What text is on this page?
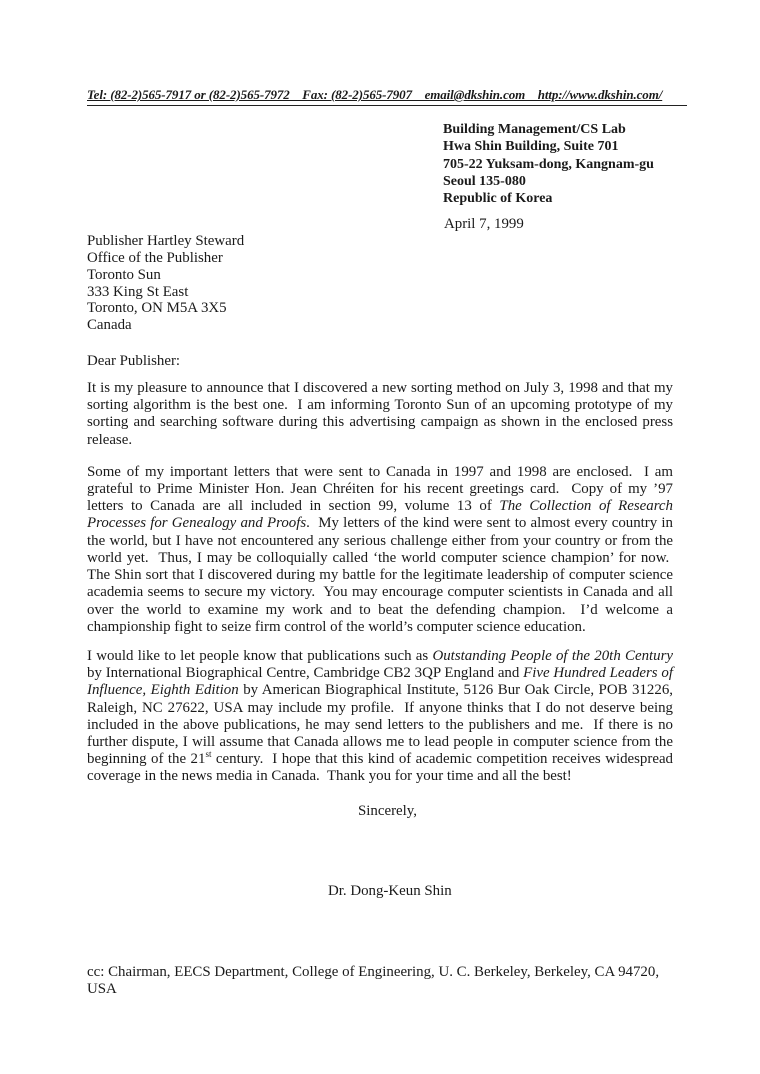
Tel: (82-2)565-7917 or (82-2)565-7972    Fax: (82-2)565-7907    email@dkshin.com    http://www.dkshin.com/
Building Management/CS Lab
Hwa Shin Building, Suite 701
705-22 Yuksam-dong, Kangnam-gu
Seoul 135-080
Republic of Korea
April 7, 1999
Publisher Hartley Steward
Office of the Publisher
Toronto Sun
333 King St East
Toronto, ON M5A 3X5
Canada
Dear Publisher:

It is my pleasure to announce that I discovered a new sorting method on July 3, 1998 and that my sorting algorithm is the best one.  I am informing Toronto Sun of an upcoming prototype of my sorting and searching software during this advertising campaign as shown in the enclosed press release.

Some of my important letters that were sent to Canada in 1997 and 1998 are enclosed.  I am grateful to Prime Minister Hon. Jean Chréiten for his recent greetings card.  Copy of my ’97 letters to Canada are all included in section 99, volume 13 of The Collection of Research Processes for Genealogy and Proofs.  My letters of the kind were sent to almost every country in the world, but I have not encountered any serious challenge either from your country or from the world yet.  Thus, I may be colloquially called ‘the world computer science champion’ for now.  The Shin sort that I discovered during my battle for the legitimate leadership of computer science academia seems to secure my victory.  You may encourage computer scientists in Canada and all over the world to examine my work and to beat the defending champion.  I’d welcome a championship fight to seize firm control of the world’s computer science education.

I would like to let people know that publications such as Outstanding People of the 20th Century by International Biographical Centre, Cambridge CB2 3QP England and Five Hundred Leaders of Influence, Eighth Edition by American Biographical Institute, 5126 Bur Oak Circle, POB 31226, Raleigh, NC 27622, USA may include my profile.  If anyone thinks that I do not deserve being included in the above publications, he may send letters to the publishers and me.  If there is no further dispute, I will assume that Canada allows me to lead people in computer science from the beginning of the 21st century.  I hope that this kind of academic competition receives widespread coverage in the news media in Canada.  Thank you for your time and all the best!

Sincerely,
Dr. Dong-Keun Shin
cc: Chairman, EECS Department, College of Engineering, U. C. Berkeley, Berkeley, CA 94720, USA
